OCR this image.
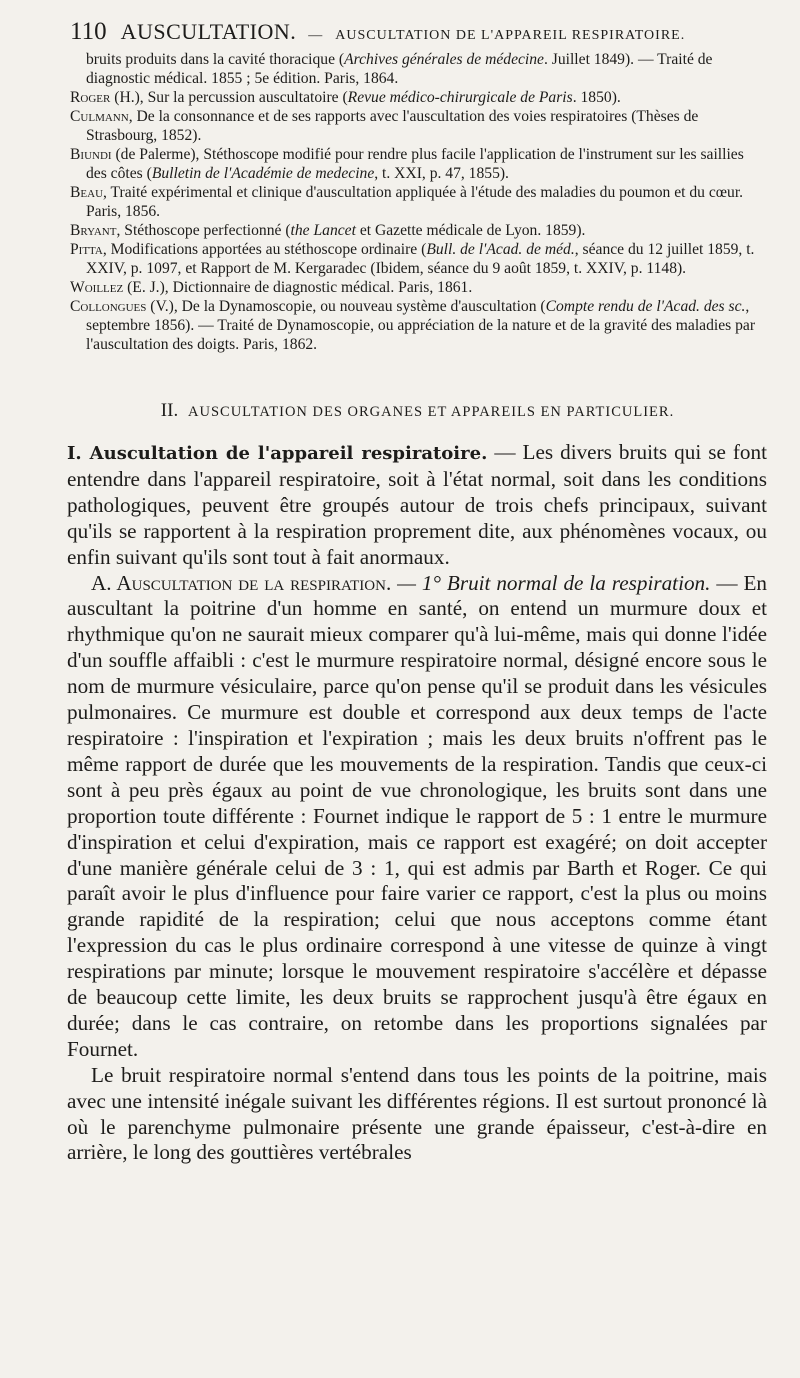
110 AUSCULTATION. — AUSCULTATION DE L'APPAREIL RESPIRATOIRE.

bruits produits dans la cavité thoracique (Archives générales de médecine. Juillet 1849). — Traité de diagnostic médical. 1855 ; 5e édition. Paris, 1864.

Roger (H.), Sur la percussion auscultatoire (Revue médico-chirurgicale de Paris. 1850).

Culmann, De la consonnance et de ses rapports avec l'auscultation des voies respiratoires (Thèses de Strasbourg, 1852).

Biundi (de Palerme), Stéthoscope modifié pour rendre plus facile l'application de l'instrument sur les saillies des côtes (Bulletin de l'Académie de medecine, t. XXI, p. 47, 1855).

Beau, Traité expérimental et clinique d'auscultation appliquée à l'étude des maladies du poumon et du cœur. Paris, 1856.

Bryant, Stéthoscope perfectionné (the Lancet et Gazette médicale de Lyon. 1859).

Pitta, Modifications apportées au stéthoscope ordinaire (Bull. de l'Acad. de méd., séance du 12 juillet 1859, t. XXIV, p. 1097, et Rapport de M. Kergaradec (Ibidem, séance du 9 août 1859, t. XXIV, p. 1148).

Woillez (E. J.), Dictionnaire de diagnostic médical. Paris, 1861.

Collongues (V.), De la Dynamoscopie, ou nouveau système d'auscultation (Compte rendu de l'Acad. des sc., septembre 1856). — Traité de Dynamoscopie, ou appréciation de la nature et de la gravité des maladies par l'auscultation des doigts. Paris, 1862.

II. AUSCULTATION DES ORGANES ET APPAREILS EN PARTICULIER.

I. Auscultation de l'appareil respiratoire. — Les divers bruits qui se font entendre dans l'appareil respiratoire, soit à l'état normal, soit dans les conditions pathologiques, peuvent être groupés autour de trois chefs principaux, suivant qu'ils se rapportent à la respiration proprement dite, aux phénomènes vocaux, ou enfin suivant qu'ils sont tout à fait anormaux.

A. Auscultation de la respiration. — 1° Bruit normal de la respiration. — En auscultant la poitrine d'un homme en santé, on entend un murmure doux et rhythmique qu'on ne saurait mieux comparer qu'à lui-même, mais qui donne l'idée d'un souffle affaibli : c'est le murmure respiratoire normal, désigné encore sous le nom de murmure vésiculaire, parce qu'on pense qu'il se produit dans les vésicules pulmonaires. Ce murmure est double et correspond aux deux temps de l'acte respiratoire : l'inspiration et l'expiration ; mais les deux bruits n'offrent pas le même rapport de durée que les mouvements de la respiration. Tandis que ceux-ci sont à peu près égaux au point de vue chronologique, les bruits sont dans une proportion toute différente : Fournet indique le rapport de 5 : 1 entre le murmure d'inspiration et celui d'expiration, mais ce rapport est exagéré; on doit accepter d'une manière générale celui de 3 : 1, qui est admis par Barth et Roger. Ce qui paraît avoir le plus d'influence pour faire varier ce rapport, c'est la plus ou moins grande rapidité de la respiration; celui que nous acceptons comme étant l'expression du cas le plus ordinaire correspond à une vitesse de quinze à vingt respirations par minute; lorsque le mouvement respiratoire s'accélère et dépasse de beaucoup cette limite, les deux bruits se rapprochent jusqu'à être égaux en durée; dans le cas contraire, on retombe dans les proportions signalées par Fournet.

Le bruit respiratoire normal s'entend dans tous les points de la poitrine, mais avec une intensité inégale suivant les différentes régions. Il est surtout prononcé là où le parenchyme pulmonaire présente une grande épaisseur, c'est-à-dire en arrière, le long des gouttières vertébrales
